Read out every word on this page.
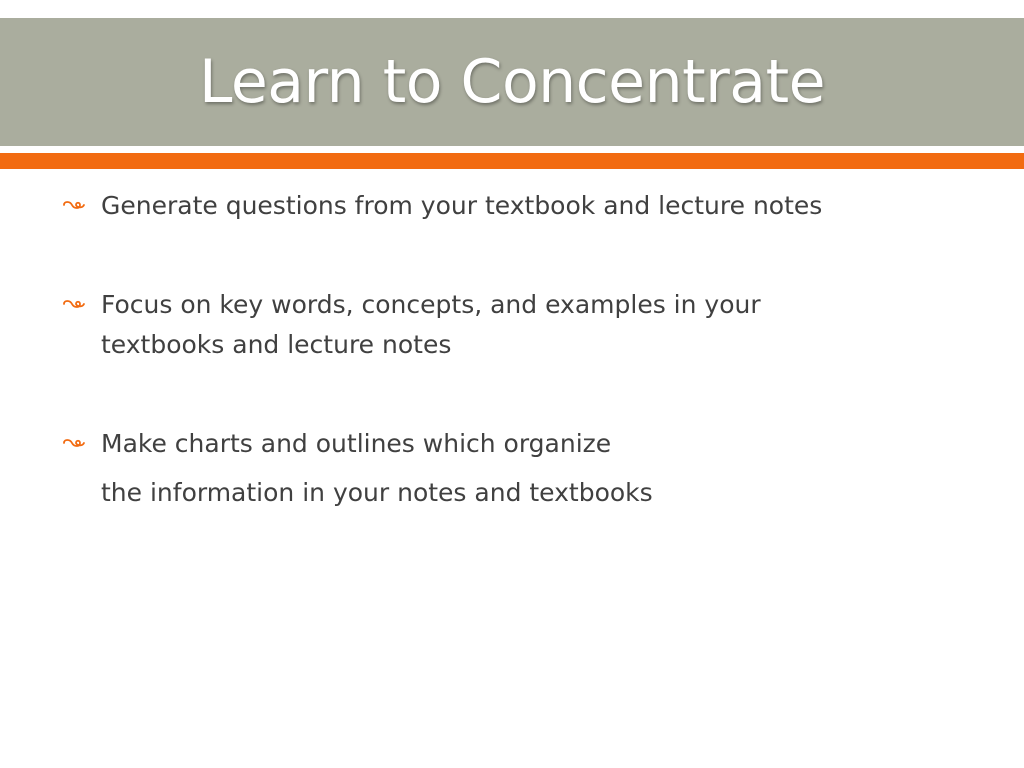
Learn to Concentrate
Generate questions from your textbook and lecture notes
Focus on key words, concepts, and examples in your
textbooks and lecture notes
Make charts and outlines which organize
the information in your notes and textbooks
